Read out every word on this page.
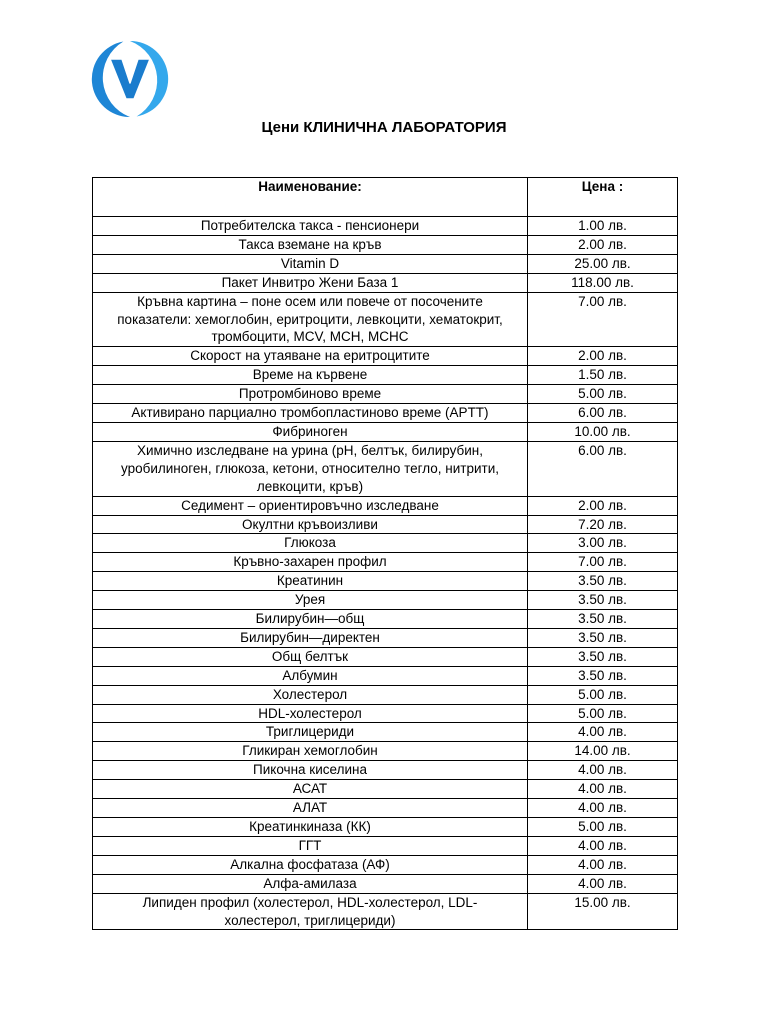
Цени КЛИНИЧНА ЛАБОРАТОРИЯ
Наименование:	Цена :
Потребителска такса - пенсионери	1.00 лв.
Такса вземане на кръв	2.00 лв.
Vitamin D	25.00 лв.
Пакет Инвитро Жени База 1	118.00 лв.
Кръвна картина – поне осем или повече от посочените
показатели: хемоглобин, еритроцити, левкоцити, хематокрит,
тромбоцити, MCV, MCH, MCHC	7.00 лв.
Скорост на утаяване на еритроцитите	2.00 лв.
Време на кървене	1.50 лв.
Протромбиново време	5.00 лв.
Активирано парциално тромбопластиново време (APTT)	6.00 лв.
Фибриноген	10.00 лв.
Химично изследване на урина (pH, белтък, билирубин,
уробилиноген, глюкоза, кетони, относително тегло, нитрити,
левкоцити, кръв)	6.00 лв.
Седимент – ориентировъчно изследване	2.00 лв.
Окултни кръвоизливи	7.20 лв.
Глюкоза	3.00 лв.
Кръвно-захарен профил	7.00 лв.
Креатинин	3.50 лв.
Урея	3.50 лв.
Билирубин—общ	3.50 лв.
Билирубин—директен	3.50 лв.
Общ белтък	3.50 лв.
Албумин	3.50 лв.
Холестерол	5.00 лв.
HDL-холестерол	5.00 лв.
Триглицериди	4.00 лв.
Гликиран хемоглобин	14.00 лв.
Пикочна киселина	4.00 лв.
АСАТ	4.00 лв.
АЛАТ	4.00 лв.
Креатинкиназа (КК)	5.00 лв.
ГГТ	4.00 лв.
Алкална фосфатаза (АФ)	4.00 лв.
Алфа-амилаза	4.00 лв.
Липиден профил (холестерол, HDL-холестерол, LDL-
холестерол, триглицериди)	15.00 лв.
